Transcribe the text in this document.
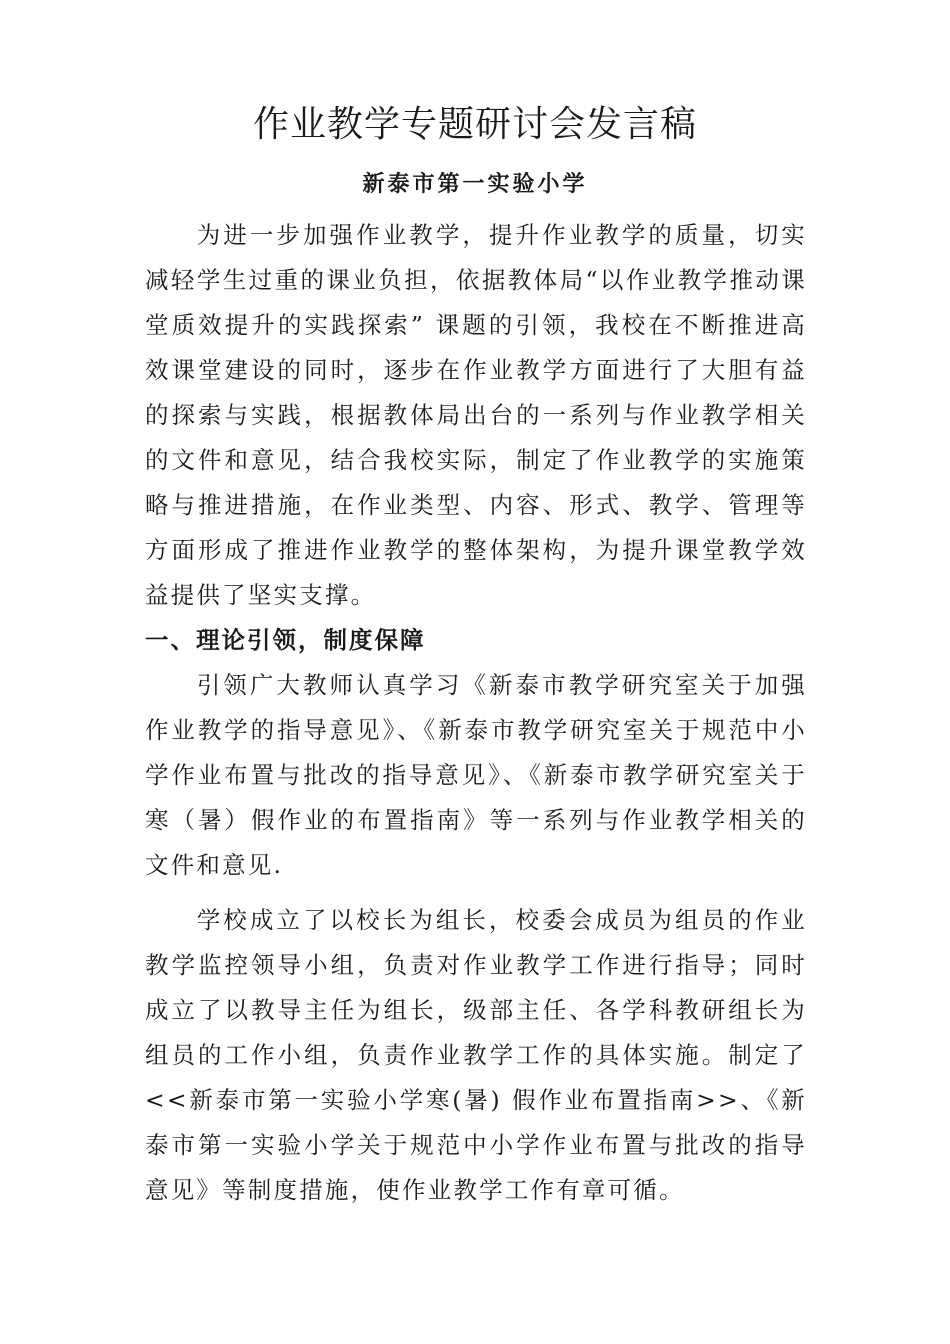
作业教学专题研讨会发言稿
新泰市第一实验小学

为进一步加强作业教学，提升作业教学的质量，切实减轻学生过重的课业负担，依据教体局“以作业教学推动课堂质效提升的实践探索” 课题的引领，我校在不断推进高效课堂建设的同时，逐步在作业教学方面进行了大胆有益的探索与实践，根据教体局出台的一系列与作业教学相关的文件和意见，结合我校实际，制定了作业教学的实施策略与推进措施，在作业类型、内容、形式、教学、管理等方面形成了推进作业教学的整体架构，为提升课堂教学效益提供了坚实支撑。

一、理论引领，制度保障

引领广大教师认真学习《新泰市教学研究室关于加强作业教学的指导意见》、《新泰市教学研究室关于规范中小学作业布置与批改的指导意见》、《新泰市教学研究室关于寒（暑）假作业的布置指南》等一系列与作业教学相关的文件和意见.

学校成立了以校长为组长，校委会成员为组员的作业教学监控领导小组，负责对作业教学工作进行指导；同时成立了以教导主任为组长，级部主任、各学科教研组长为组员的工作小组，负责作业教学工作的具体实施。制定了<<新泰市第一实验小学寒(暑) 假作业布置指南>>、《新泰市第一实验小学关于规范中小学作业布置与批改的指导意见》等制度措施，使作业教学工作有章可循。
